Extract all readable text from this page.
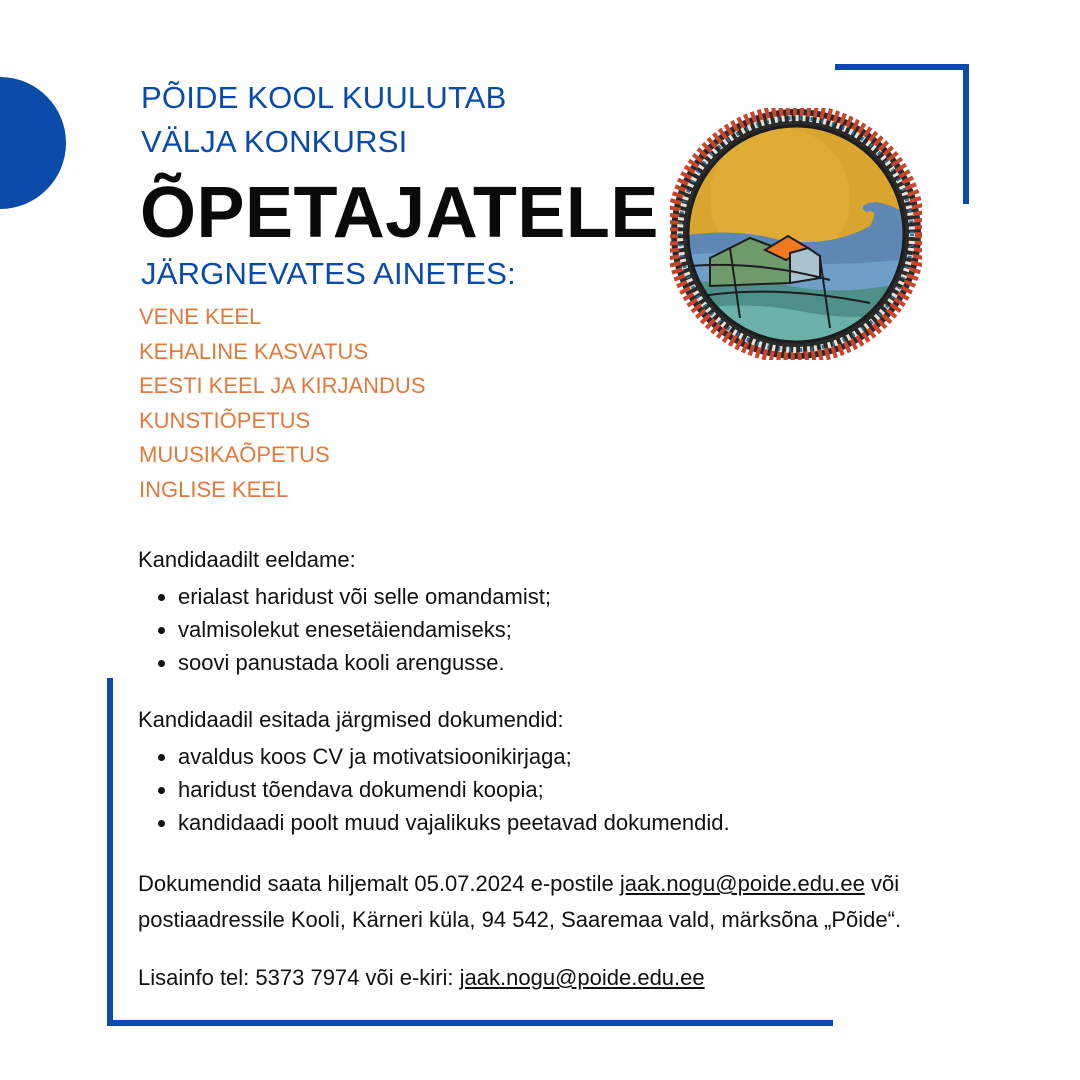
PÕIDE KOOL KUULUTAB
VÄLJA KONKURSI
ÕPETAJATELE
JÄRGNEVATES AINETES:
VENE KEEL
KEHALINE KASVATUS
EESTI KEEL JA KIRJANDUS
KUNSTIÕPETUS
MUUSIKAÕPETUS
INGLISE KEEL

Kandidaadilt eeldame:

• erialast haridust või selle omandamist;
• valmisolekut enesetäiendamiseks;
• soovi panustada kooli arengusse.

Kandidaadil esitada järgmised dokumendid:

• avaldus koos CV ja motivatsioonikirjaga;
• haridust tõendava dokumendi koopia;
• kandidaadi poolt muud vajalikuks peetavad dokumendid.

Dokumendid saata hiljemalt 05.07.2024 e-postile jaak.nogu@poide.edu.ee või postiaadressile Kooli, Kärneri küla, 94 542, Saaremaa vald, märksõna „Põide“.

Lisainfo tel: 5373 7974 või e-kiri: jaak.nogu@poide.edu.ee
